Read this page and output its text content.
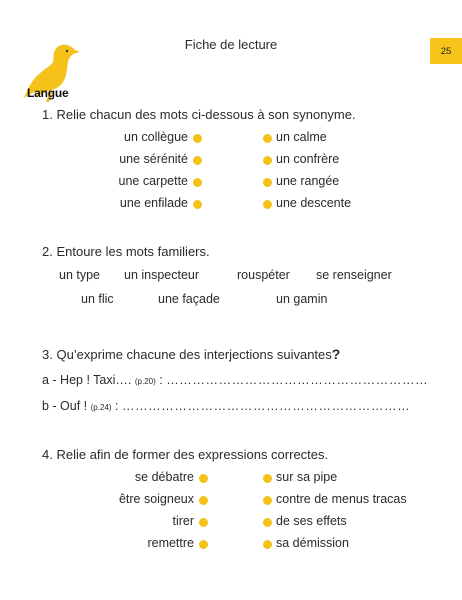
Fiche de lecture	25
Langue
1. Relie chacun des mots ci-dessous à son synonyme.
un collègue
une sérénité
une carpette
une enfilade
un calme
un confrère
une rangée
une descente
2. Entoure les mots familiers.
un type un inspecteur	rouspéter se renseigner
un flic	une façade	un gamin
3. Qu’exprime chacune des interjections suivantes?
a - Hep ! Taxi…. (p.20) : ……………………………………………………
b - Ouf ! (p.24) : …………………………………………………………
4. Relie afin de former des expressions correctes.
se débatre
être soigneux
tirer
remettre
sur sa pipe
contre de menus tracas
de ses effets
sa démission
